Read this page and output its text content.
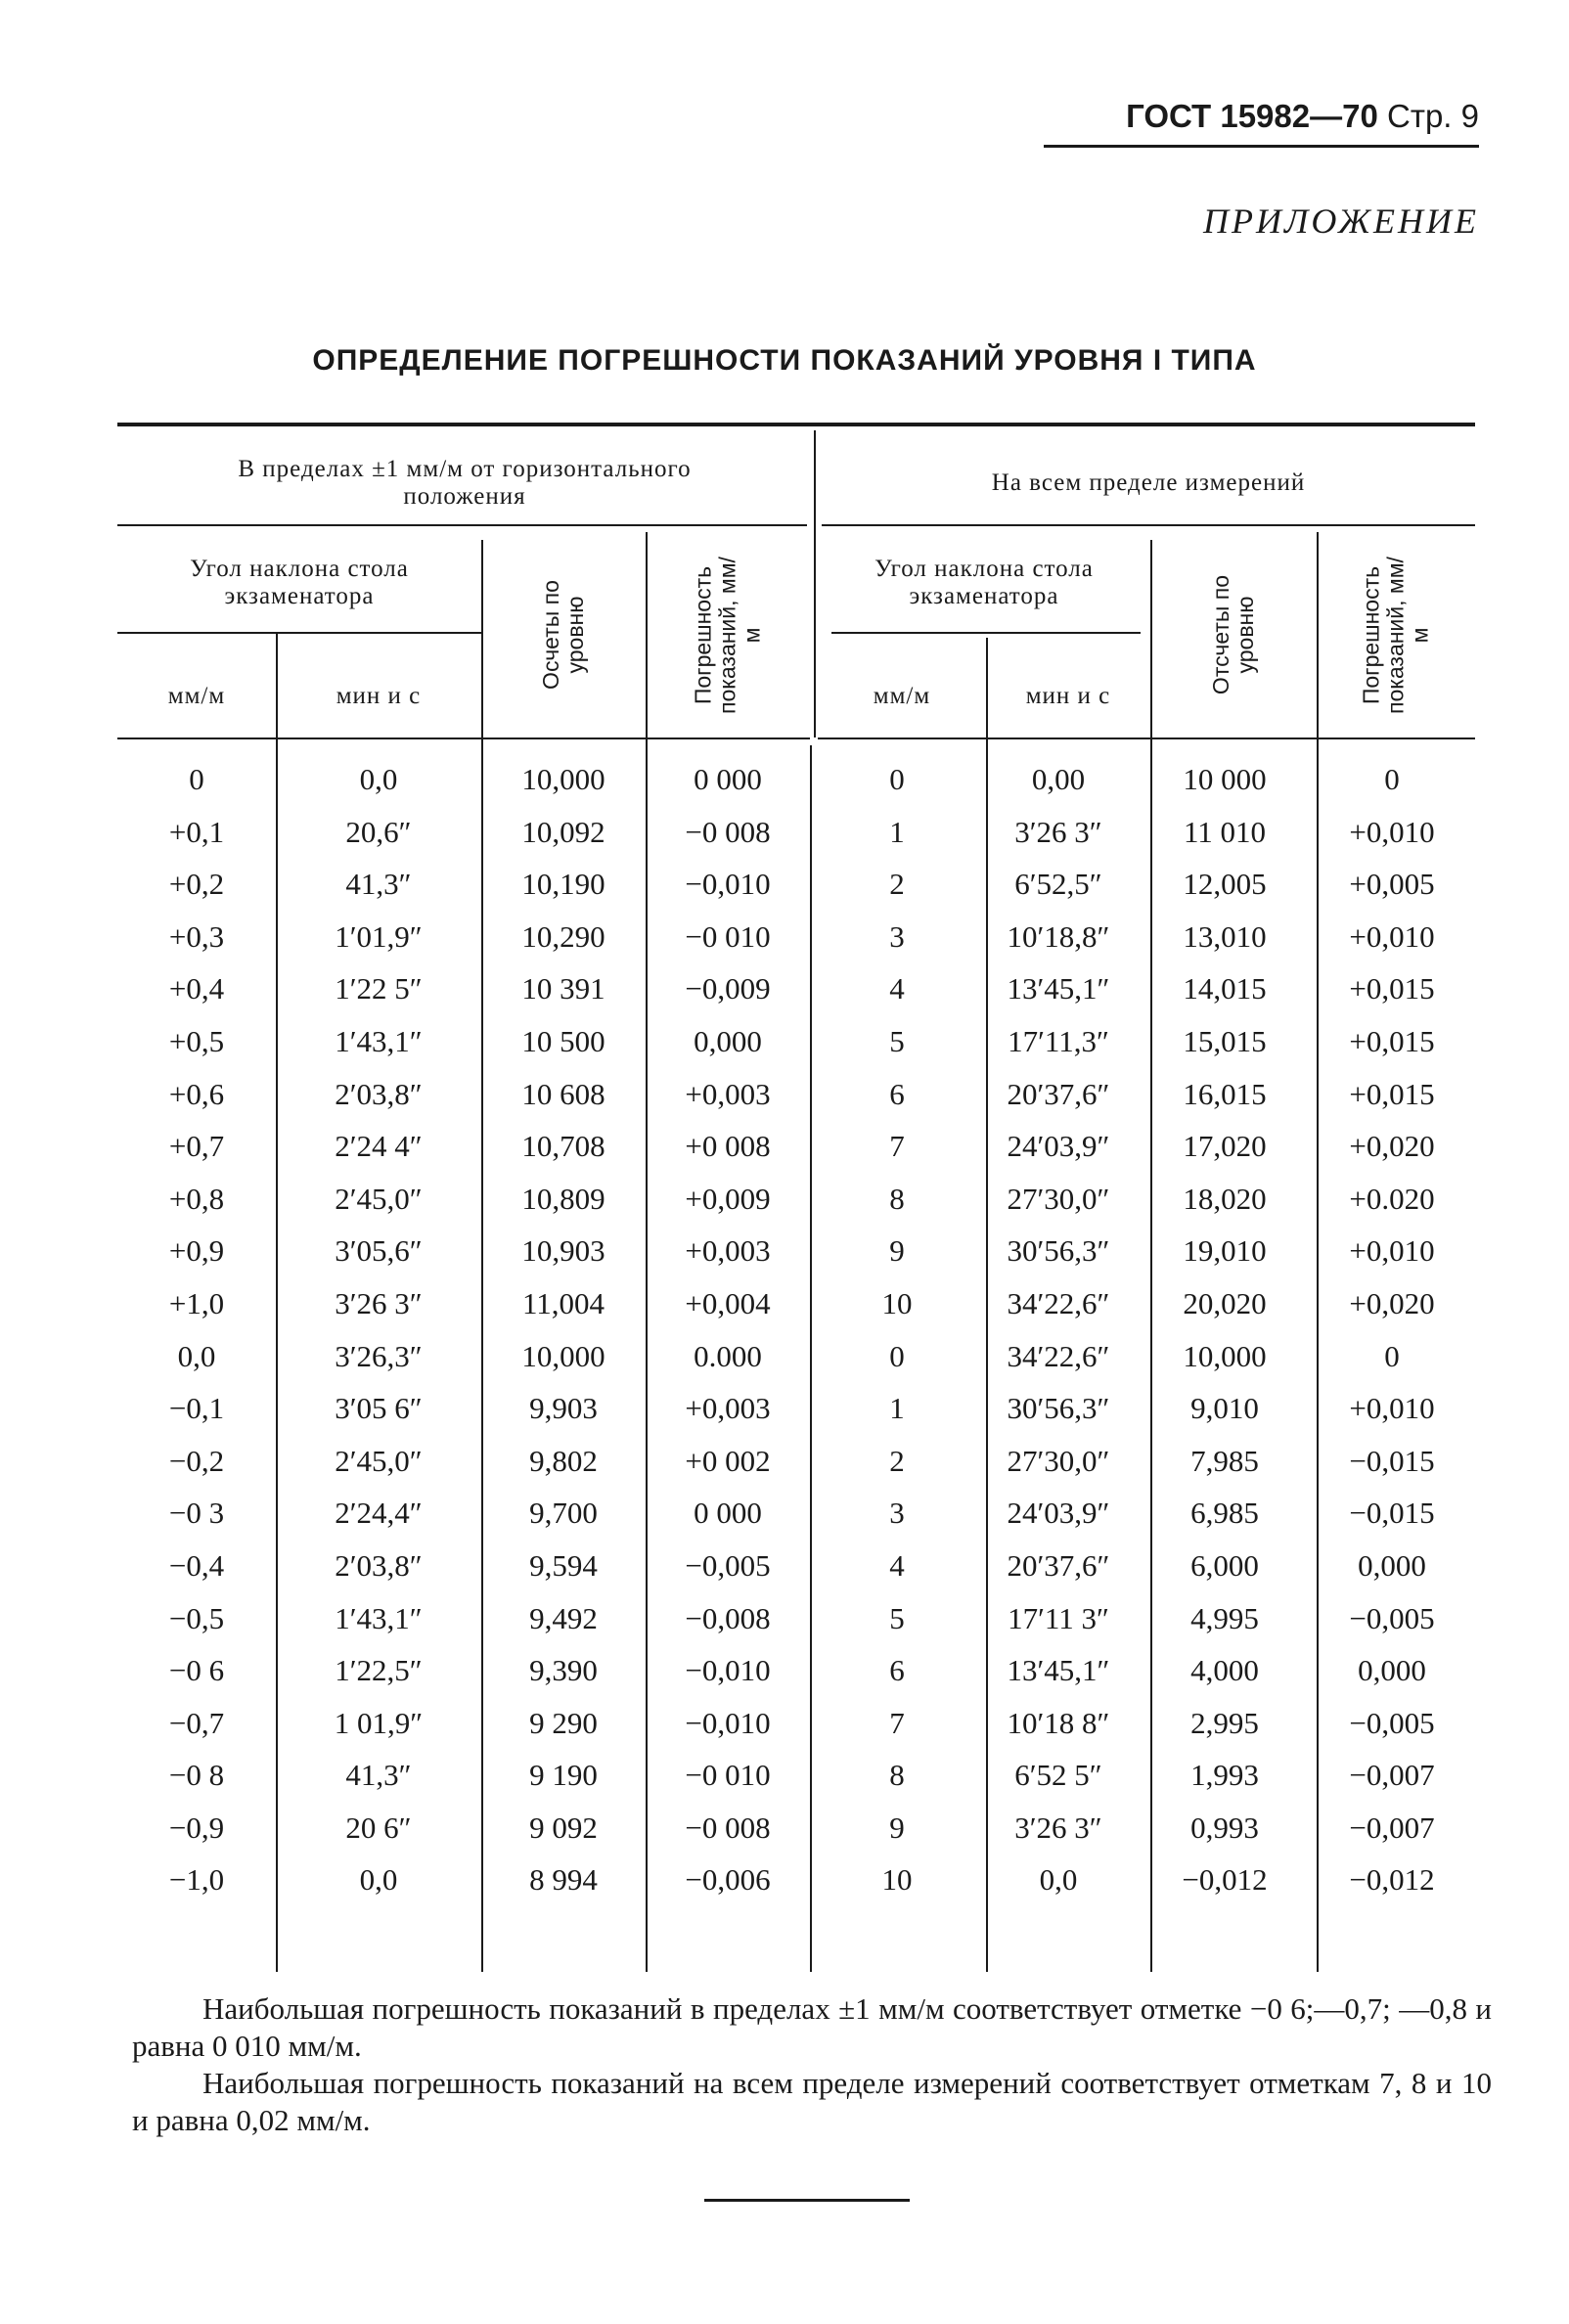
ГОСТ 15982—70 Стр. 9
ПРИЛОЖЕНИЕ
ОПРЕДЕЛЕНИЕ ПОГРЕШНОСТИ ПОКАЗАНИЙ УРОВНЯ І ТИПА
В пределах ±1 мм/м от горизонтального положения
На всем пределе измерений
Угол наклона стола экзаменатора
Угол наклона стола экзаменатора
мм/м	мин и с	мм/м	мин и с
Осчеты по уровню	Погрешность показаний, мм/м	Отсчеты по уровню	Погрешность показаний, мм/м
0	0,0	10,000	0 000	0	0,00	10 000	0
+0,1	20,6″	10,092	−0 008	1	3′26 3″	11 010	+0,010
+0,2	41,3″	10,190	−0,010	2	6′52,5″	12,005	+0,005
+0,3	1′01,9″	10,290	−0 010	3	10′18,8″	13,010	+0,010
+0,4	1′22 5″	10 391	−0,009	4	13′45,1″	14,015	+0,015
+0,5	1′43,1″	10 500	0,000	5	17′11,3″	15,015	+0,015
+0,6	2′03,8″	10 608	+0,003	6	20′37,6″	16,015	+0,015
+0,7	2′24 4″	10,708	+0 008	7	24′03,9″	17,020	+0,020
+0,8	2′45,0″	10,809	+0,009	8	27′30,0″	18,020	+0.020
+0,9	3′05,6″	10,903	+0,003	9	30′56,3″	19,010	+0,010
+1,0	3′26 3″	11,004	+0,004	10	34′22,6″	20,020	+0,020
0,0	3′26,3″	10,000	0.000	0	34′22,6″	10,000	0
−0,1	3′05 6″	9,903	+0,003	1	30′56,3″	9,010	+0,010
−0,2	2′45,0″	9,802	+0 002	2	27′30,0″	7,985	−0,015
−0 3	2′24,4″	9,700	0 000	3	24′03,9″	6,985	−0,015
−0,4	2′03,8″	9,594	−0,005	4	20′37,6″	6,000	0,000
−0,5	1′43,1″	9,492	−0,008	5	17′11 3″	4,995	−0,005
−0 6	1′22,5″	9,390	−0,010	6	13′45,1″	4,000	0,000
−0,7	1 01,9″	9 290	−0,010	7	10′18 8″	2,995	−0,005
−0 8	41,3″	9 190	−0 010	8	6′52 5″	1,993	−0,007
−0,9	20 6″	9 092	−0 008	9	3′26 3″	0,993	−0,007
−1,0	0,0	8 994	−0,006	10	0,0	−0,012	−0,012

Наибольшая погрешность показаний в пределах ±1 мм/м соответствует отметке −0 6;—0,7; —0,8 и равна 0 010 мм/м.

Наибольшая погрешность показаний на всем пределе измерений соответствует отметкам 7, 8 и 10 и равна 0,02 мм/м.
